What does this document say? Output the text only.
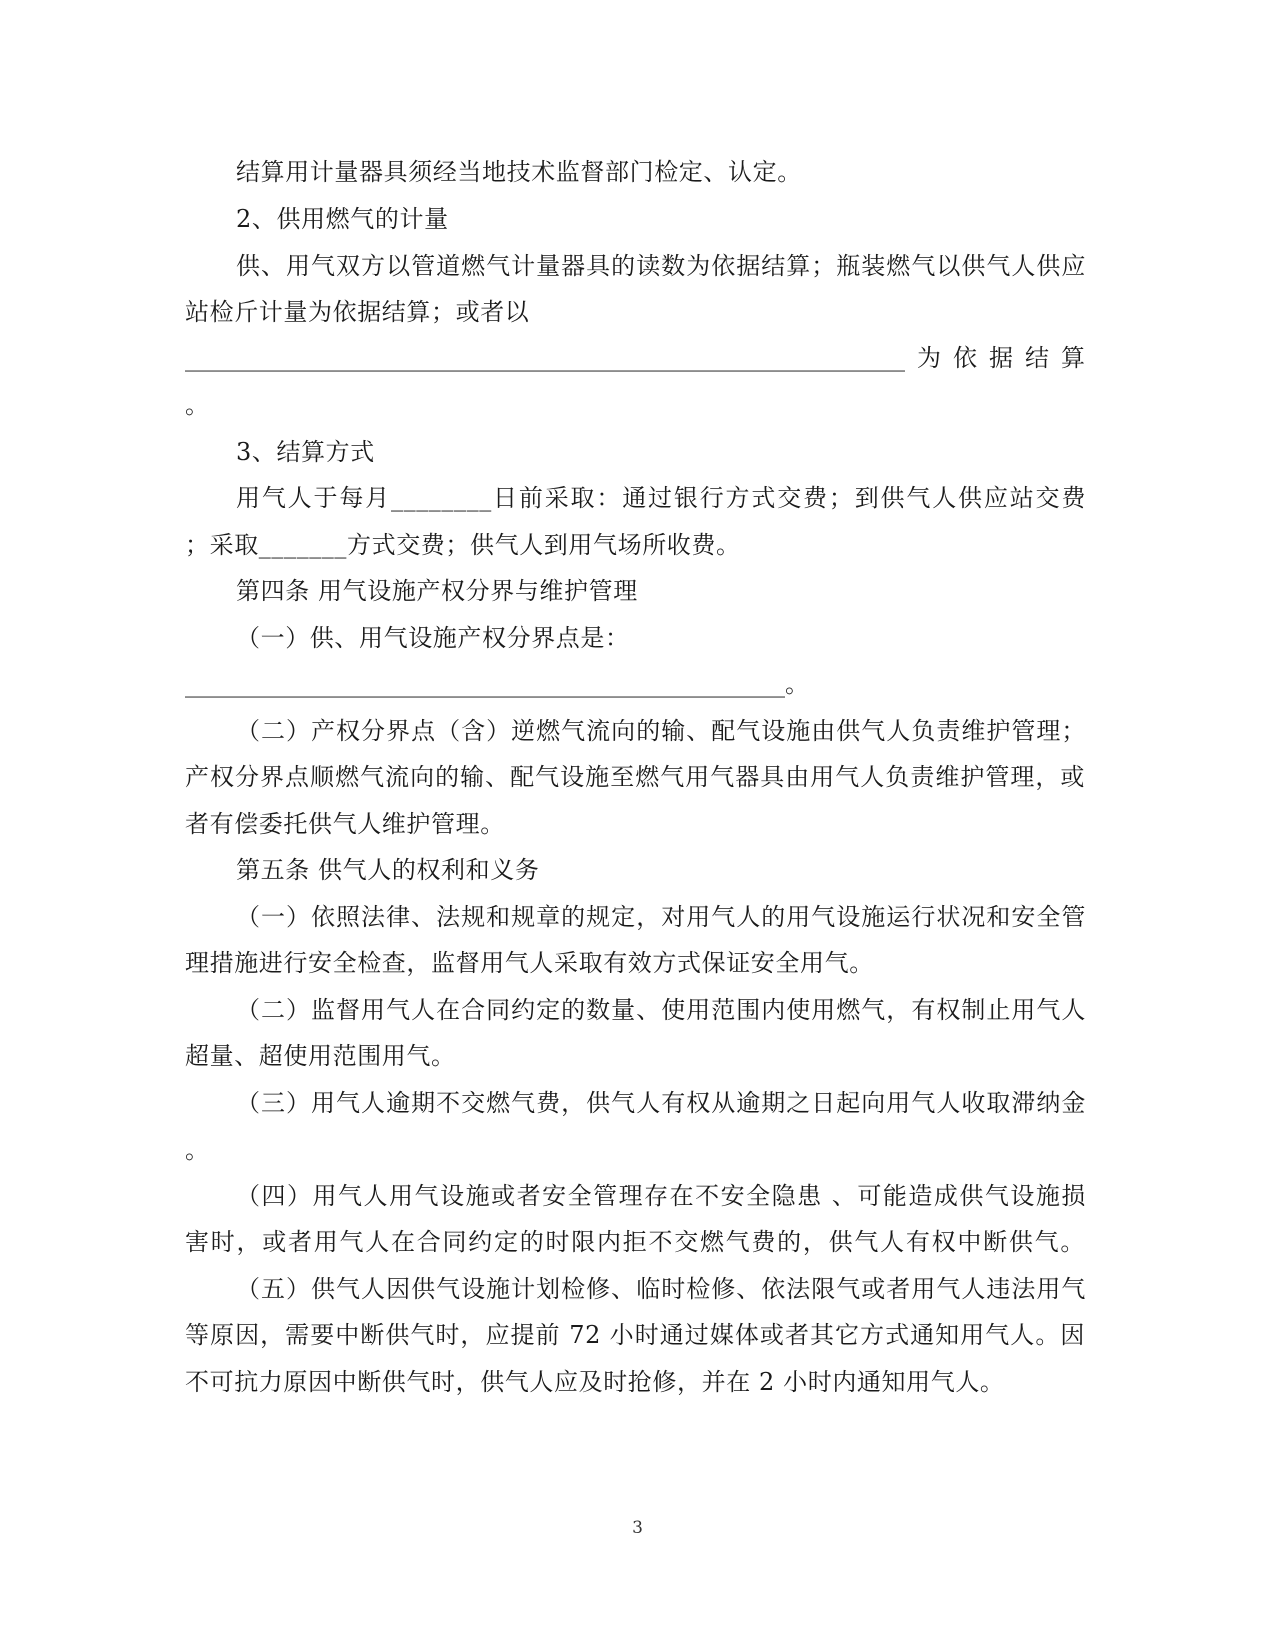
结算用计量器具须经当地技术监督部门检定、认定。
2、供用燃气的计量
供、用气双方以管道燃气计量器具的读数为依据结算；瓶装燃气以供气人供应
站检斤计量为依据结算；或者以
____________________________________________________________为依据结算
。
3、结算方式
用气人于每月________日前采取：通过银行方式交费；到供气人供应站交费
；采取_______方式交费；供气人到用气场所收费。
第四条 用气设施产权分界与维护管理
（一）供、用气设施产权分界点是：
__________________________________________________。
（二）产权分界点（含）逆燃气流向的输、配气设施由供气人负责维护管理；
产权分界点顺燃气流向的输、配气设施至燃气用气器具由用气人负责维护管理，或
者有偿委托供气人维护管理。
第五条 供气人的权利和义务
（一）依照法律、法规和规章的规定，对用气人的用气设施运行状况和安全管
理措施进行安全检查，监督用气人采取有效方式保证安全用气。
（二）监督用气人在合同约定的数量、使用范围内使用燃气，有权制止用气人
超量、超使用范围用气。
（三）用气人逾期不交燃气费，供气人有权从逾期之日起向用气人收取滞纳金
。
（四）用气人用气设施或者安全管理存在不安全隐患 、可能造成供气设施损
害时，或者用气人在合同约定的时限内拒不交燃气费的，供气人有权中断供气。
（五）供气人因供气设施计划检修、临时检修、依法限气或者用气人违法用气
等原因，需要中断供气时，应提前 72 小时通过媒体或者其它方式通知用气人。因
不可抗力原因中断供气时，供气人应及时抢修，并在 2 小时内通知用气人。
3
